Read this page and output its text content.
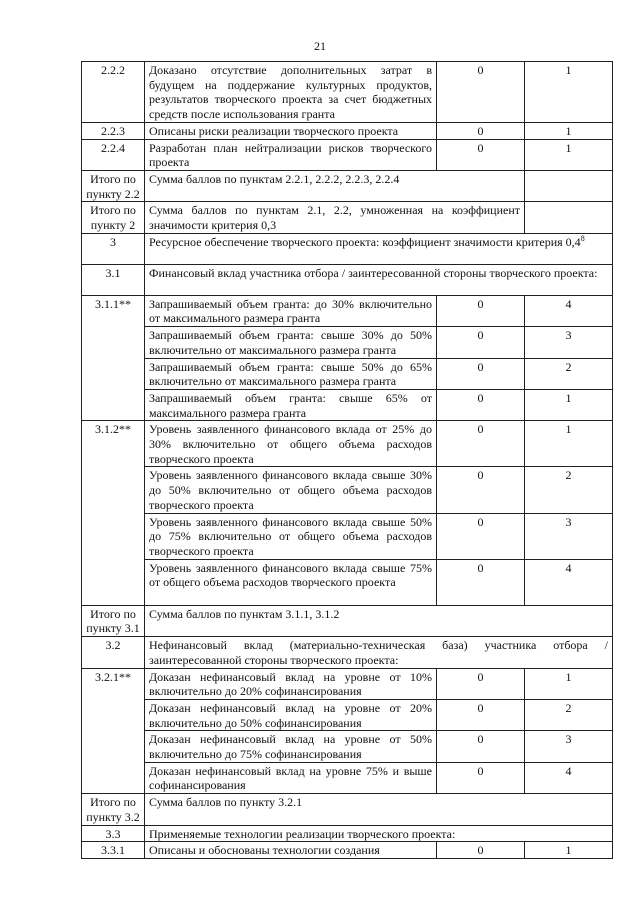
21
2.2.2	Доказано отсутствие дополнительных затрат в будущем на поддержание культурных продуктов, результатов творческого проекта за счет бюджетных средств после использования гранта	0	1
2.2.3	Описаны риски реализации творческого проекта	0	1
2.2.4	Разработан план нейтрализации рисков творческого проекта	0	1
Итого по пункту 2.2	Сумма баллов по пунктам 2.2.1, 2.2.2, 2.2.3, 2.2.4		
Итого по пункту 2	Сумма баллов по пунктам 2.1, 2.2, умноженная на коэффициент значимости критерия 0,3		
3	Ресурсное обеспечение творческого проекта: коэффициент значимости критерия $0,4^8$
3.1	Финансовый вклад участника отбора / заинтересованной стороны творческого проекта:		
3.1.1**	Запрашиваемый объем гранта: до 30% включительно от максимального размера гранта	0	4
	Запрашиваемый объем гранта: свыше 30% до 50% включительно от максимального размера гранта	0	3
	Запрашиваемый объем гранта: свыше 50% до 65% включительно от максимального размера гранта	0	2
	Запрашиваемый объем гранта: свыше 65% от максимального размера гранта	0	1
3.1.2**	Уровень заявленного финансового вклада от 25% до 30% включительно от общего объема расходов творческого проекта	0	1
	Уровень заявленного финансового вклада свыше 30% до 50% включительно от общего объема расходов творческого проекта	0	2
	Уровень заявленного финансового вклада свыше 50% до 75% включительно от общего объема расходов творческого проекта	0	3
	Уровень заявленного финансового вклада свыше 75% от общего объема расходов творческого проекта	0	4
Итого по пункту 3.1	Сумма баллов по пунктам 3.1.1, 3.1.2		
3.2	Нефинансовый вклад (материально-техническая база) участника отбора / заинтересованной стороны творческого проекта:		
3.2.1**	Доказан нефинансовый вклад на уровне от 10% включительно до 20% софинансирования	0	1
	Доказан нефинансовый вклад на уровне от 20% включительно до 50% софинансирования	0	2
	Доказан нефинансовый вклад на уровне от 50% включительно до 75% софинансирования	0	3
	Доказан нефинансовый вклад на уровне 75% и выше софинансирования	0	4
Итого по пункту 3.2	Сумма баллов по пункту 3.2.1		
3.3	Применяемые технологии реализации творческого проекта:		
3.3.1	Описаны и обоснованы технологии создания	0	1
